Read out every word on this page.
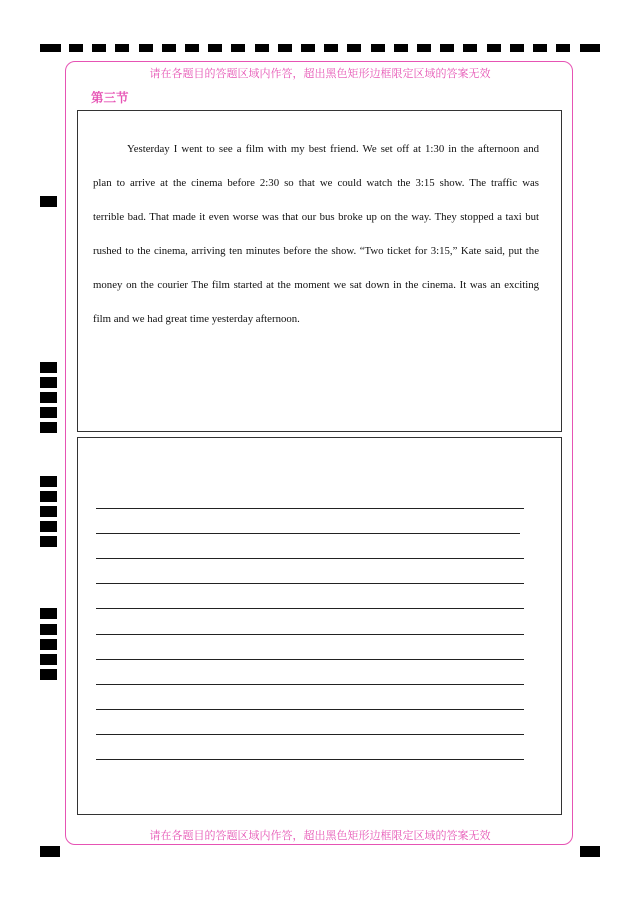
请在各题目的答题区域内作答，超出黑色矩形边框限定区域的答案无效
请在各题目的答题区域内作答，超出黑色矩形边框限定区域的答案无效
第三节
Yesterday I went to see a film with my best friend. We set off at 1:30 in the afternoon and
plan to arrive at the cinema before 2:30 so that we could watch the 3:15 show. The traffic was
terrible bad. That made it even worse was that our bus broke up on the way. They stopped a taxi but
rushed to the cinema, arriving ten minutes before the show. “Two ticket for 3:15,” Kate said, put the
money on the courier The film started at the moment we sat down in the cinema. It was an exciting
film and we had great time yesterday afternoon.
